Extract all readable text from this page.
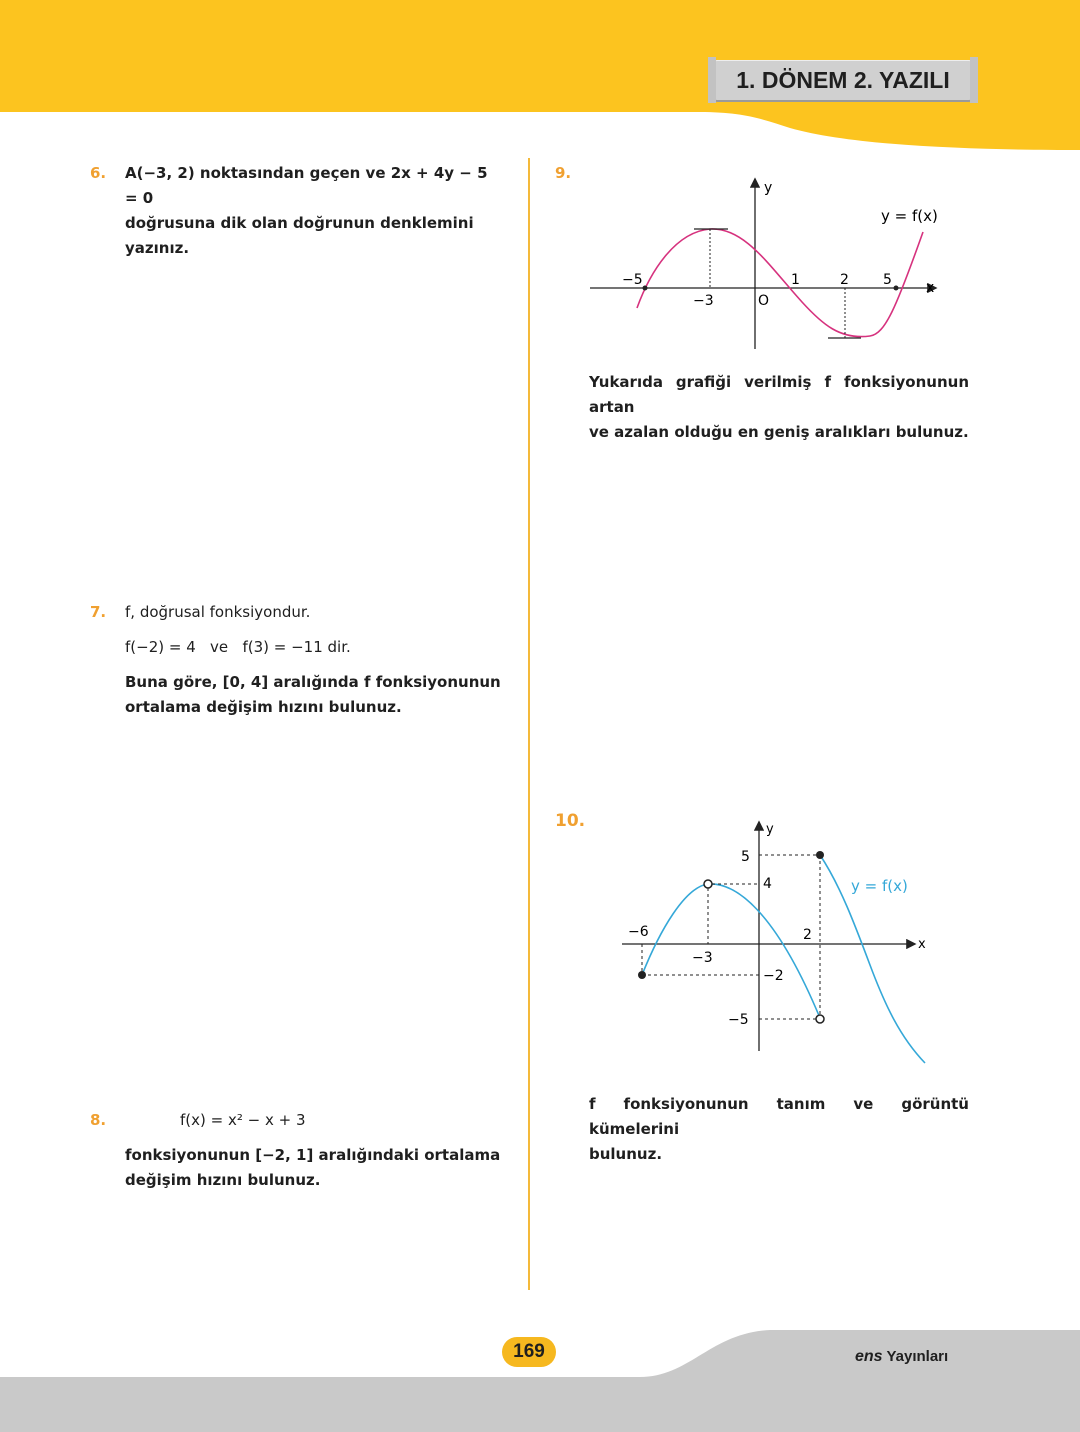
1. DÖNEM 2. YAZILI
6. A(−3, 2) noktasından geçen ve 2x + 4y − 5 = 0
doğrusuna dik olan doğrunun denklemini yazınız.
7. f, doğrusal fonksiyondur.
f(−2) = 4   ve   f(3) = −11 dir.
Buna göre, [0, 4] aralığında f fonksiyonunun
ortalama değişim hızını bulunuz.
8.	f(x) = x² − x + 3
fonksiyonunun [−2, 1] aralığındaki ortalama
değişim hızını bulunuz.
9.
−5
−3	O
1	2 5 x
y
y = f(x)
Yukarıda grafiği verilmiş f fonksiyonunun artan
ve azalan olduğu en geniş aralıkları bulunuz.
10.
−6
−3
2
4
5
−2
−5
x
y
y = f(x)
f fonksiyonunun tanım ve görüntü kümelerini
bulunuz.
169	ens Yayınları
